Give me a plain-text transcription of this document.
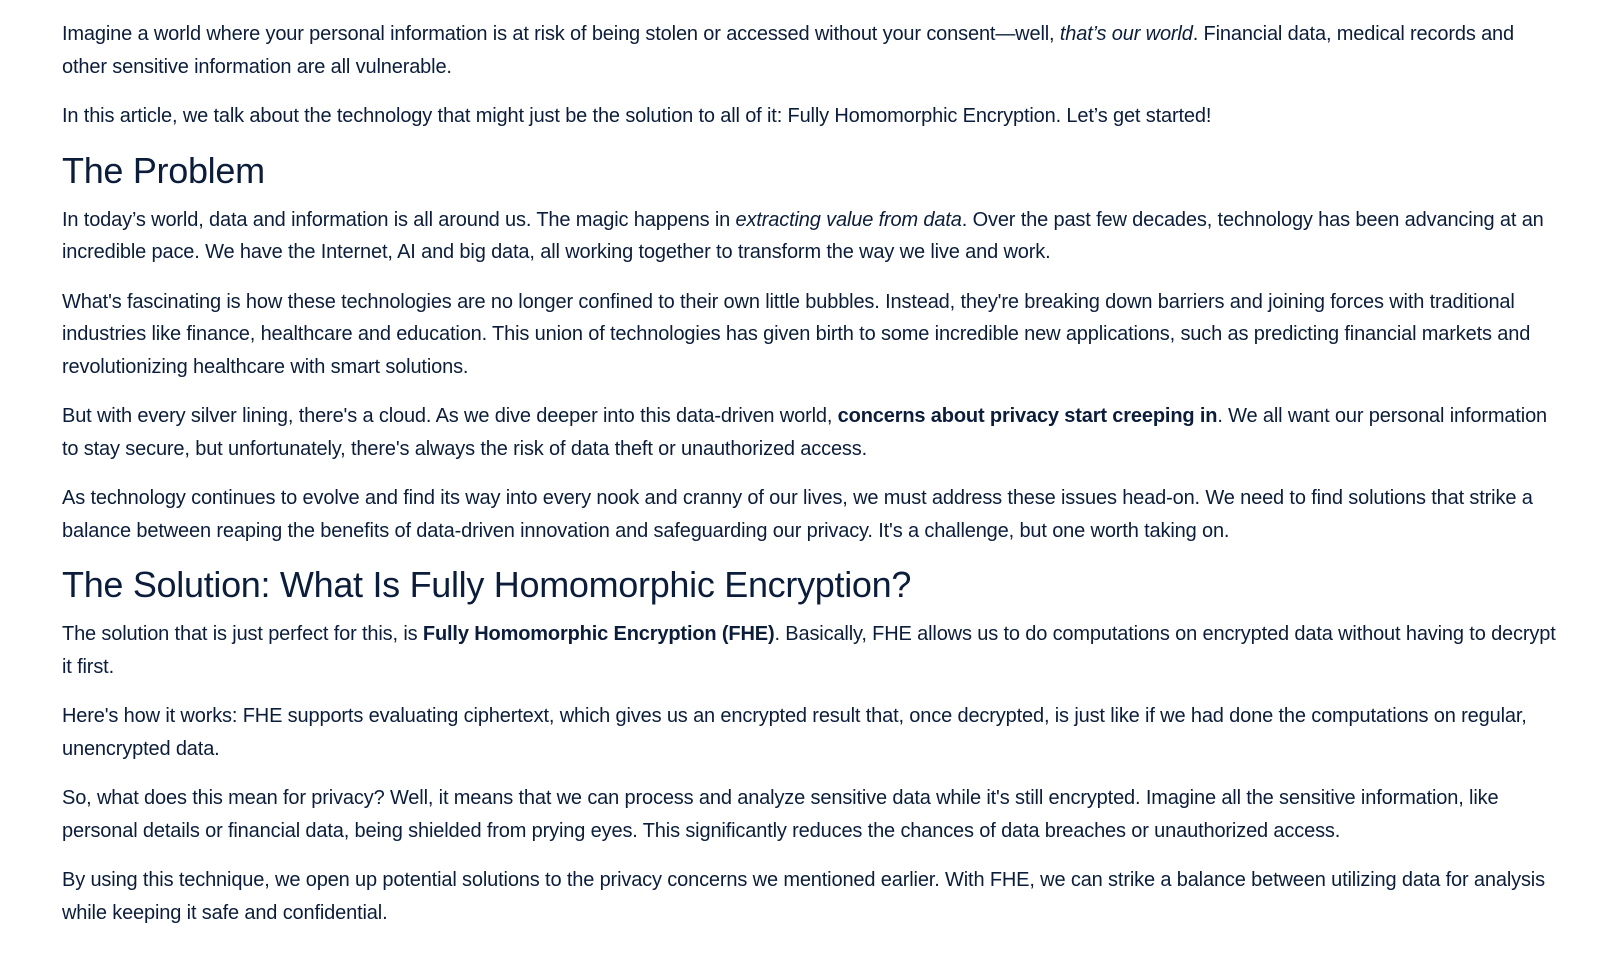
Imagine a world where your personal information is at risk of being stolen or accessed without your consent—well, that’s our world. Financial data, medical records and other sensitive information are all vulnerable.

In this article, we talk about the technology that might just be the solution to all of it: Fully Homomorphic Encryption. Let’s get started!

The Problem

In today’s world, data and information is all around us. The magic happens in extracting value from data. Over the past few decades, technology has been advancing at an incredible pace. We have the Internet, AI and big data, all working together to transform the way we live and work.

What's fascinating is how these technologies are no longer confined to their own little bubbles. Instead, they're breaking down barriers and joining forces with traditional industries like finance, healthcare and education. This union of technologies has given birth to some incredible new applications, such as predicting financial markets and revolutionizing healthcare with smart solutions.

But with every silver lining, there's a cloud. As we dive deeper into this data-driven world, concerns about privacy start creeping in. We all want our personal information to stay secure, but unfortunately, there's always the risk of data theft or unauthorized access.

As technology continues to evolve and find its way into every nook and cranny of our lives, we must address these issues head-on. We need to find solutions that strike a balance between reaping the benefits of data-driven innovation and safeguarding our privacy. It's a challenge, but one worth taking on.

The Solution: What Is Fully Homomorphic Encryption?

The solution that is just perfect for this, is Fully Homomorphic Encryption (FHE). Basically, FHE allows us to do computations on encrypted data without having to decrypt it first.

Here's how it works: FHE supports evaluating ciphertext, which gives us an encrypted result that, once decrypted, is just like if we had done the computations on regular, unencrypted data.

So, what does this mean for privacy? Well, it means that we can process and analyze sensitive data while it's still encrypted. Imagine all the sensitive information, like personal details or financial data, being shielded from prying eyes. This significantly reduces the chances of data breaches or unauthorized access.

By using this technique, we open up potential solutions to the privacy concerns we mentioned earlier. With FHE, we can strike a balance between utilizing data for analysis while keeping it safe and confidential.
